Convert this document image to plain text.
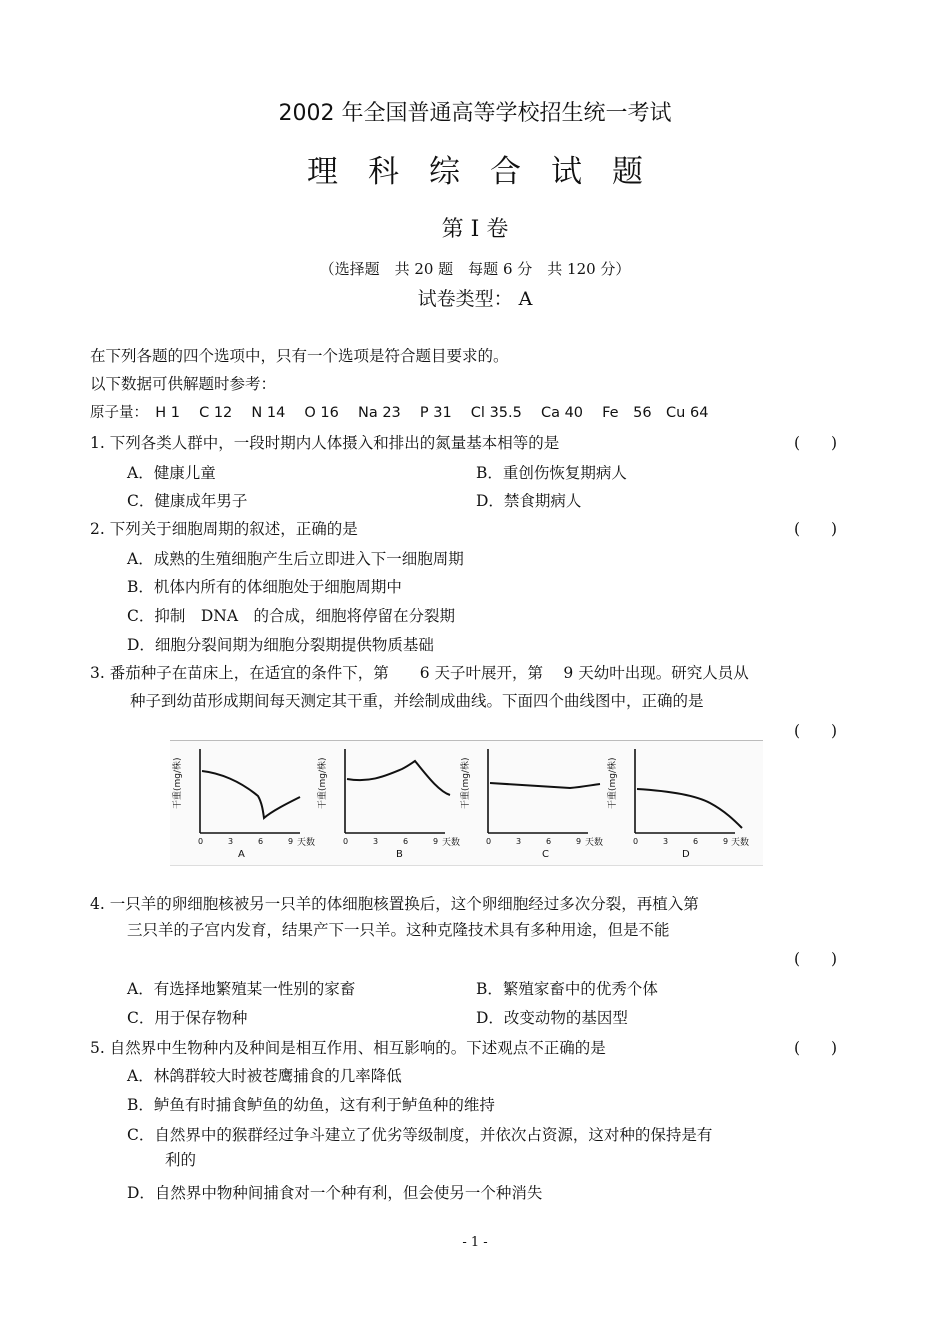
2002 年全国普通高等学校招生统一考试
理科综合试题
第 I 卷
（选择题　共 20 题　每题 6 分　共 120 分）
试卷类型： A
在下列各题的四个选项中，只有一个选项是符合题目要求的。
以下数据可供解题时参考：
原子量：　H 1　 C 12　 N 14　 O 16　 Na 23　 P 31　 Cl 35.5　 Ca 40　 Fe　56　Cu 64
1. 下列各类人群中，一段时期内人体摄入和排出的氮量基本相等的是	(　　)
A．健康儿童	B．重创伤恢复期病人
C．健康成年男子	D．禁食期病人
2. 下列关于细胞周期的叙述，正确的是	(　　)
A．成熟的生殖细胞产生后立即进入下一细胞周期
B．机体内所有的体细胞处于细胞周期中
C．抑制　DNA　的合成，细胞将停留在分裂期
D．细胞分裂间期为细胞分裂期提供物质基础
3. 番茄种子在苗床上，在适宜的条件下，第　　6 天子叶展开，第　 9 天幼叶出现。研究人员从
种子到幼苗形成期间每天测定其干重，并绘制成曲线。下面四个曲线图中，正确的是
(　　)
干重(mg/株)
0	3	6	9 天数
A
干重(mg/株)
0	3	6	9 天数
B
干重(mg/株)
0	3	6	9 天数
C
干重(mg/株)
0	3	6	9 天数
D
4. 一只羊的卵细胞核被另一只羊的体细胞核置换后，这个卵细胞经过多次分裂，再植入第
三只羊的子宫内发育，结果产下一只羊。这种克隆技术具有多种用途，但是不能
(　　)
A．有选择地繁殖某一性别的家畜	B．繁殖家畜中的优秀个体
C．用于保存物种	D．改变动物的基因型
5. 自然界中生物种内及种间是相互作用、相互影响的。下述观点不正确的是	(　　)
A．林鸽群较大时被苍鹰捕食的几率降低
B．鲈鱼有时捕食鲈鱼的幼鱼，这有利于鲈鱼种的维持
C．自然界中的猴群经过争斗建立了优劣等级制度，并依次占资源，这对种的保持是有
利的
D．自然界中物种间捕食对一个种有利，但会使另一个种消失
- 1 -
